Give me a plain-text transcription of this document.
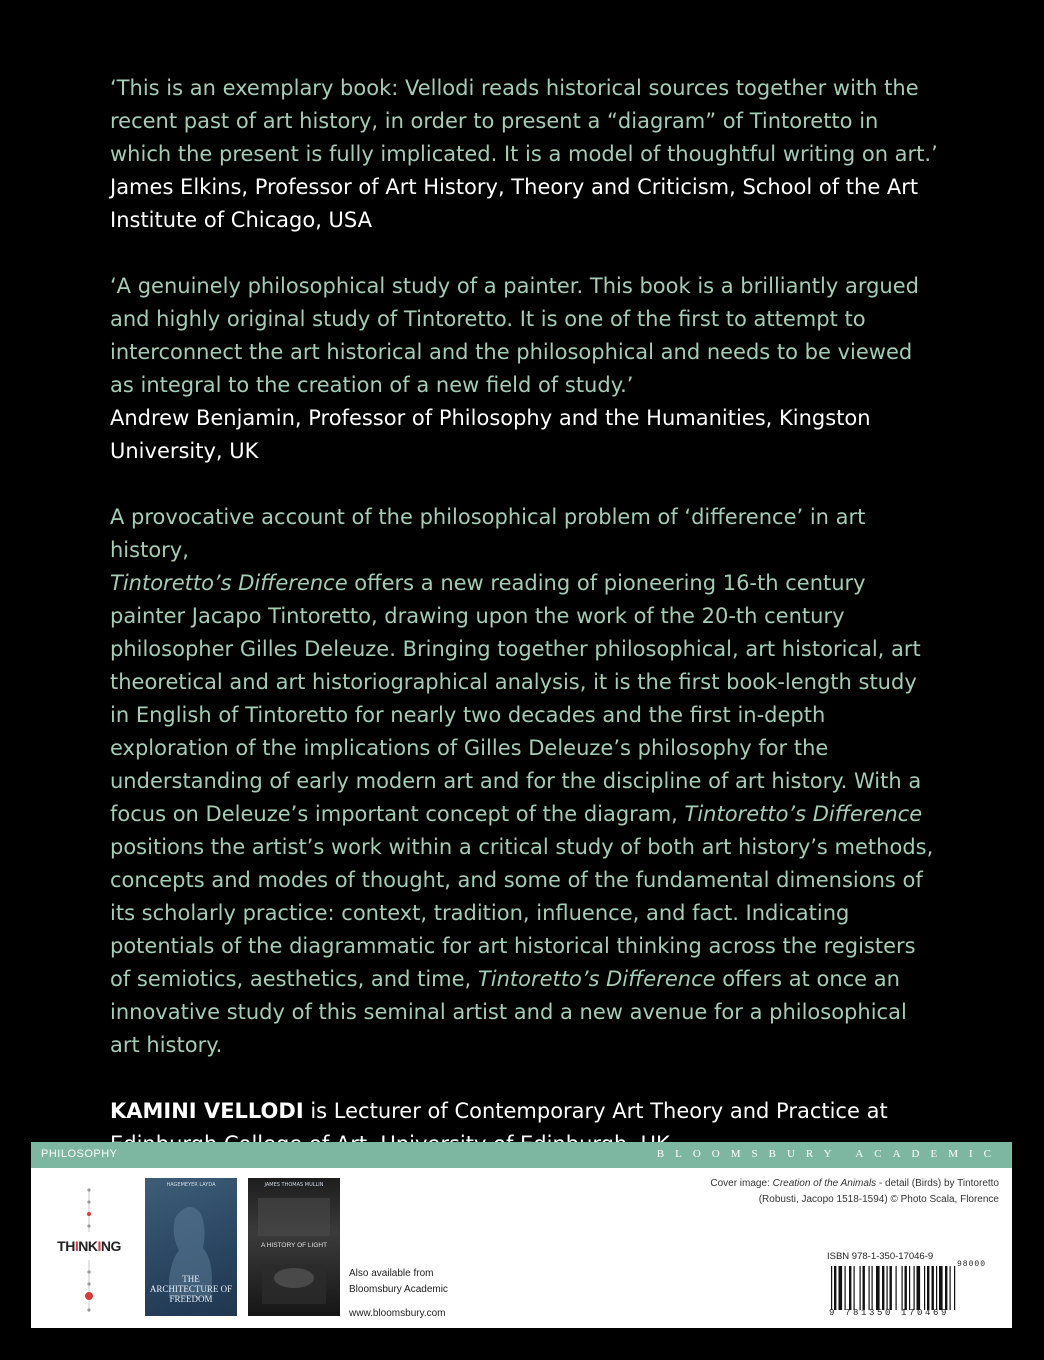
‘This is an exemplary book: Vellodi reads historical sources together with the recent past of art history, in order to present a “diagram” of Tintoretto in which the present is fully implicated. It is a model of thoughtful writing on art.’
James Elkins, Professor of Art History, Theory and Criticism, School of the Art Institute of Chicago, USA

‘A genuinely philosophical study of a painter. This book is a brilliantly argued and highly original study of Tintoretto. It is one of the first to attempt to interconnect the art historical and the philosophical and needs to be viewed as integral to the creation of a new field of study.’
Andrew Benjamin, Professor of Philosophy and the Humanities, Kingston University, UK

A provocative account of the philosophical problem of ‘difference’ in art history,
Tintoretto’s Difference offers a new reading of pioneering 16-th century painter Jacapo Tintoretto, drawing upon the work of the 20-th century philosopher Gilles Deleuze. Bringing together philosophical, art historical, art theoretical and art historiographical analysis, it is the first book-length study in English of Tintoretto for nearly two decades and the first in-depth exploration of the implications of Gilles Deleuze’s philosophy for the understanding of early modern art and for the discipline of art history. With a focus on Deleuze’s important concept of the diagram, Tintoretto’s Difference positions the artist’s work within a critical study of both art history’s methods, concepts and modes of thought, and some of the fundamental dimensions of its scholarly practice: context, tradition, influence, and fact. Indicating potentials of the diagrammatic for art historical thinking across the registers of semiotics, aesthetics, and time, Tintoretto’s Difference offers at once an innovative study of this seminal artist and a new avenue for a philosophical art history.

KAMINI VELLODI is Lecturer of Contemporary Art Theory and Practice at

PHILOSOPHY	BLOOMSBURY ACADEMIC
THINKING
HAGEMEYER LAYDA
THE ARCHITECTURE OF FREEDOM
JAMES THOMAS MULLIN
A HISTORY OF LIGHT
Also available from
Bloomsbury Academic
www.bloomsbury.com
Cover image: Creation of the Animals - detail (Birds) by Tintoretto
(Robusti, Jacopo 1518-1594) © Photo Scala, Florence
ISBN 978-1-350-17046-9
98000
9 781350 170469
